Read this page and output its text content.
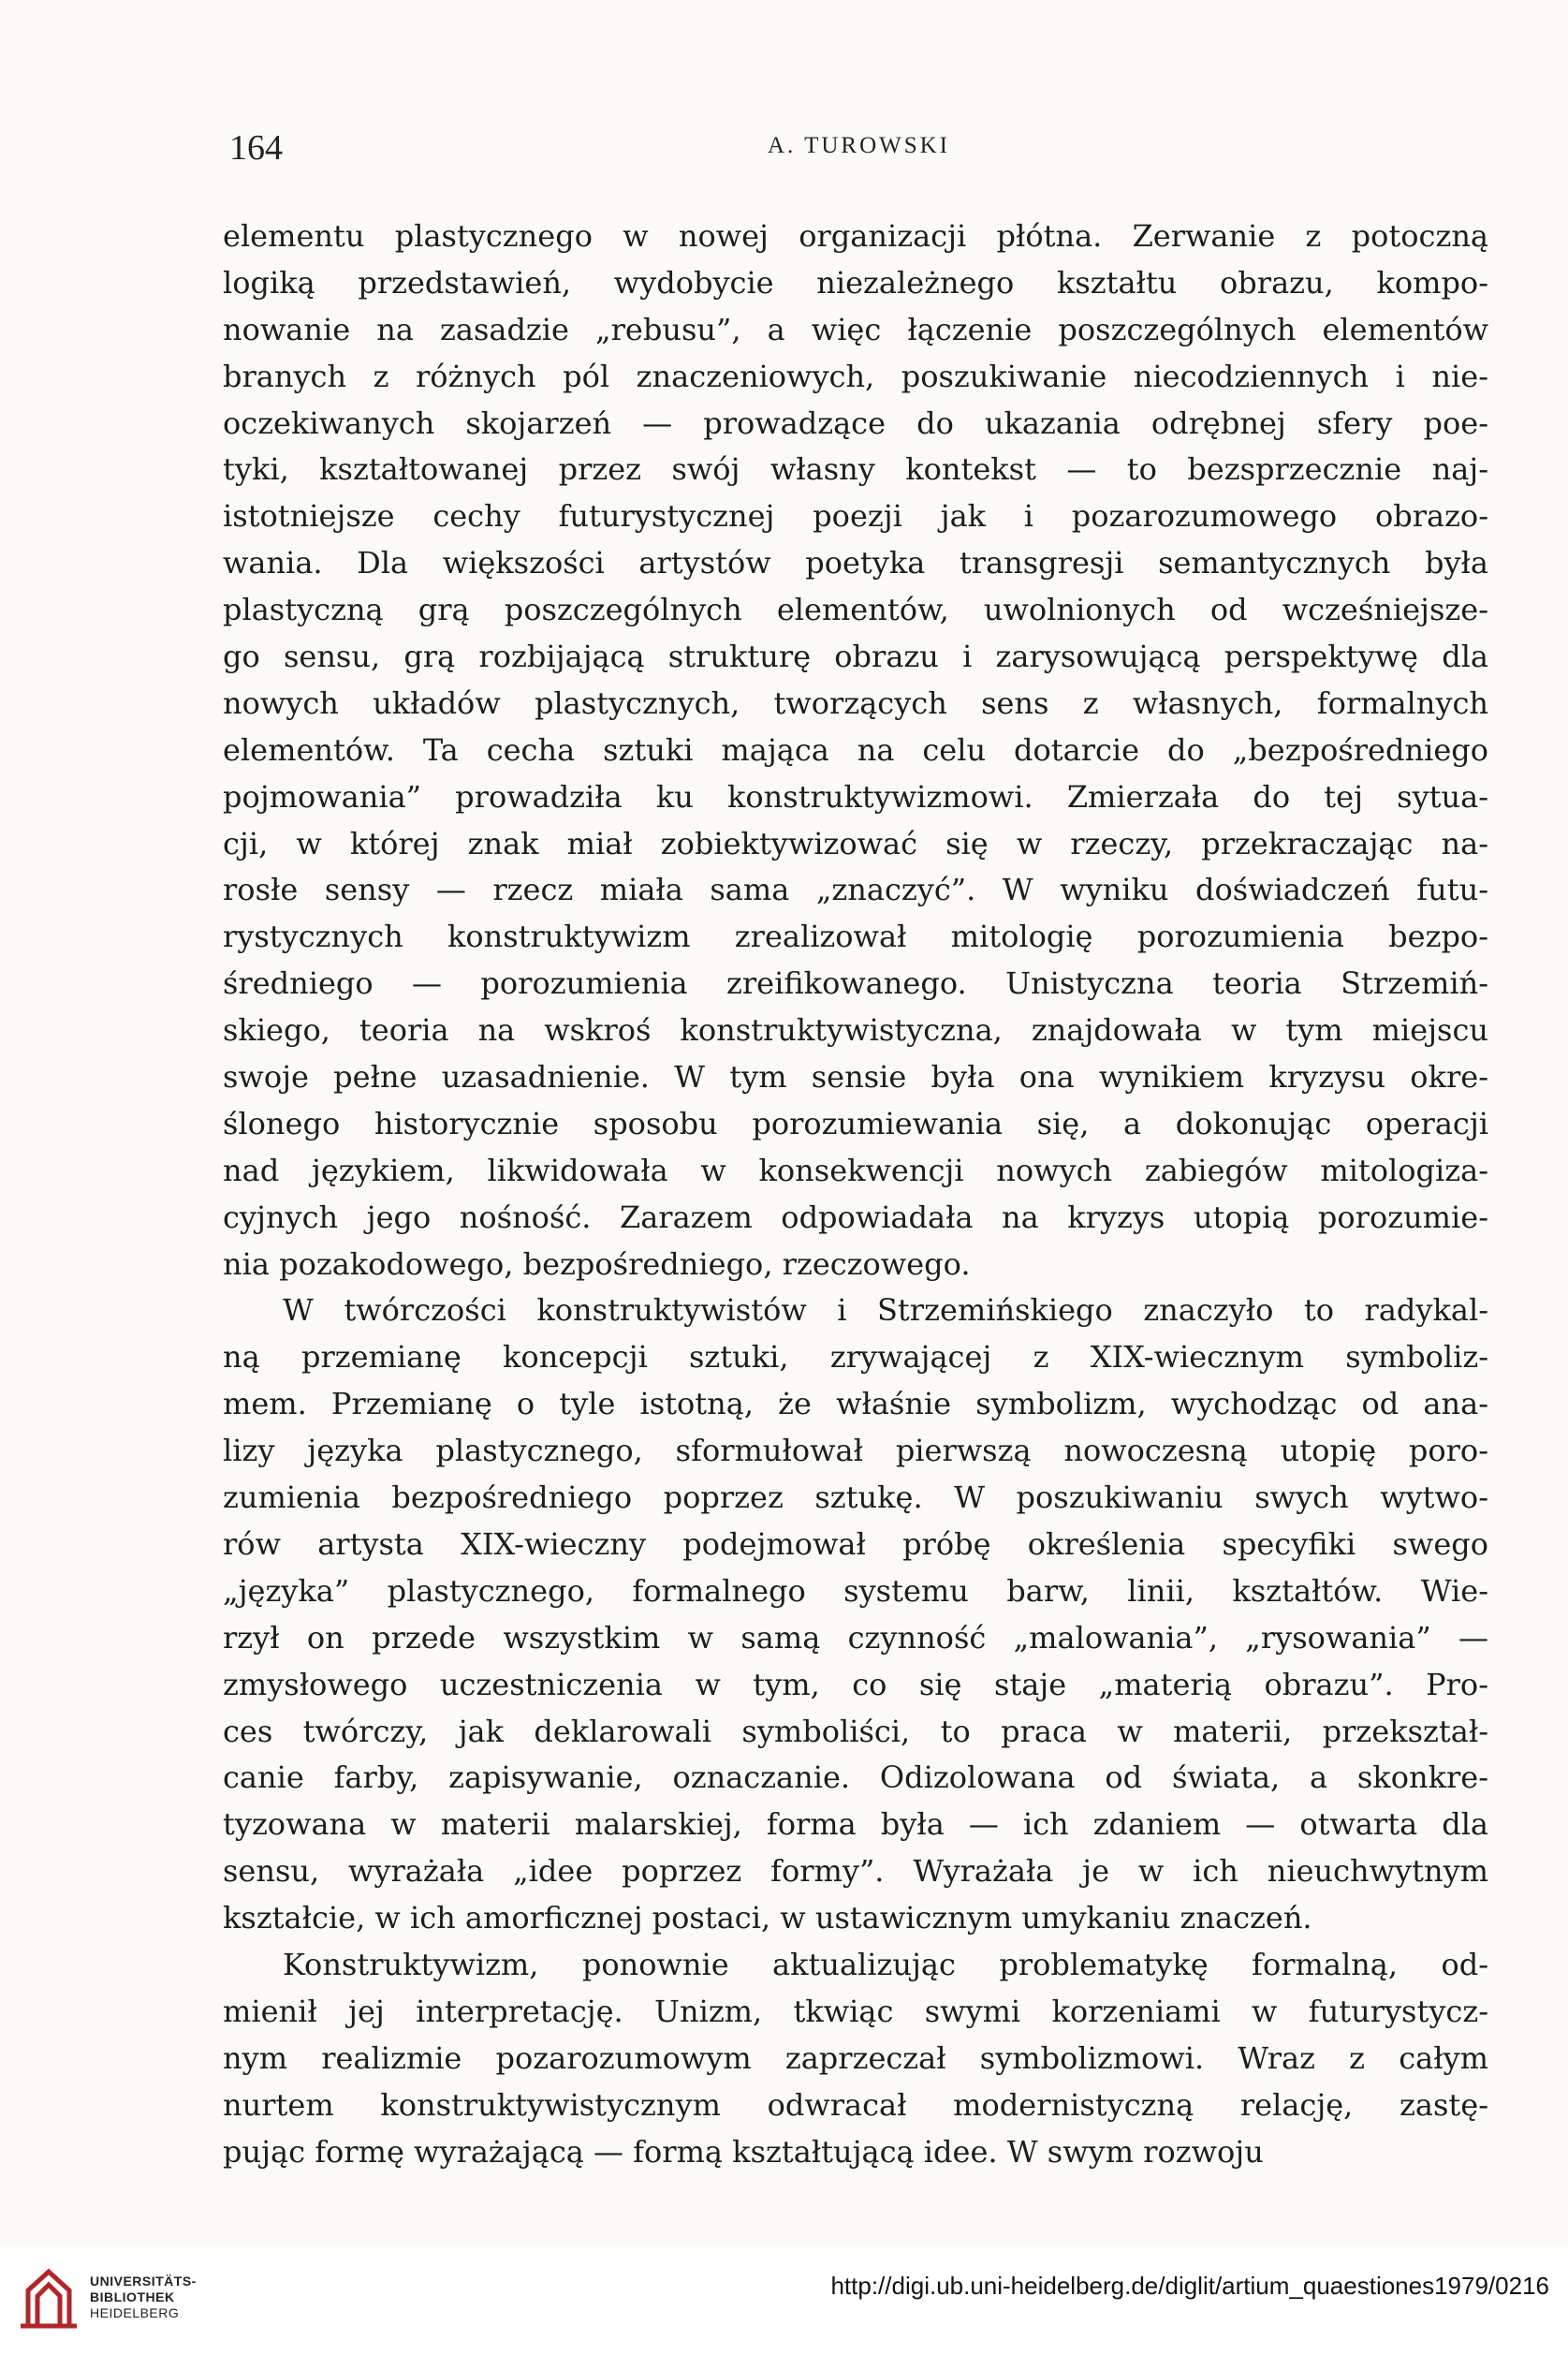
164	A. TUROWSKI
elementu plastycznego w nowej organizacji płótna. Zerwanie z potoczną
logiką przedstawień, wydobycie niezależnego kształtu obrazu, kompo-
nowanie na zasadzie „rebusu”, a więc łączenie poszczególnych elementów
branych z różnych pól znaczeniowych, poszukiwanie niecodziennych i nie-
oczekiwanych skojarzeń — prowadzące do ukazania odrębnej sfery poe-
tyki, kształtowanej przez swój własny kontekst — to bezsprzecznie naj-
istotniejsze cechy futurystycznej poezji jak i pozarozumowego obrazo-
wania. Dla większości artystów poetyka transgresji semantycznych była
plastyczną grą poszczególnych elementów, uwolnionych od wcześniejsze-
go sensu, grą rozbijającą strukturę obrazu i zarysowującą perspektywę dla
nowych układów plastycznych, tworzących sens z własnych, formalnych
elementów. Ta cecha sztuki mająca na celu dotarcie do „bezpośredniego
pojmowania” prowadziła ku konstruktywizmowi. Zmierzała do tej sytua-
cji, w której znak miał zobiektywizować się w rzeczy, przekraczając na-
rosłe sensy — rzecz miała sama „znaczyć”. W wyniku doświadczeń futu-
rystycznych konstruktywizm zrealizował mitologię porozumienia bezpo-
średniego — porozumienia zreifikowanego. Unistyczna teoria Strzemiń-
skiego, teoria na wskroś konstruktywistyczna, znajdowała w tym miejscu
swoje pełne uzasadnienie. W tym sensie była ona wynikiem kryzysu okre-
ślonego historycznie sposobu porozumiewania się, a dokonując operacji
nad językiem, likwidowała w konsekwencji nowych zabiegów mitologiza-
cyjnych jego nośność. Zarazem odpowiadała na kryzys utopią porozumie-
nia pozakodowego, bezpośredniego, rzeczowego.
W twórczości konstruktywistów i Strzemińskiego znaczyło to radykal-
ną przemianę koncepcji sztuki, zrywającej z XIX-wiecznym symboliz-
mem. Przemianę o tyle istotną, że właśnie symbolizm, wychodząc od ana-
lizy języka plastycznego, sformułował pierwszą nowoczesną utopię poro-
zumienia bezpośredniego poprzez sztukę. W poszukiwaniu swych wytwo-
rów artysta XIX-wieczny podejmował próbę określenia specyfiki swego
„języka” plastycznego, formalnego systemu barw, linii, kształtów. Wie-
rzył on przede wszystkim w samą czynność „malowania”, „rysowania” —
zmysłowego uczestniczenia w tym, co się staje „materią obrazu”. Pro-
ces twórczy, jak deklarowali symboliści, to praca w materii, przekształ-
canie farby, zapisywanie, oznaczanie. Odizolowana od świata, a skonkre-
tyzowana w materii malarskiej, forma była — ich zdaniem — otwarta dla
sensu, wyrażała „idee poprzez formy”. Wyrażała je w ich nieuchwytnym
kształcie, w ich amorficznej postaci, w ustawicznym umykaniu znaczeń.
Konstruktywizm, ponownie aktualizując problematykę formalną, od-
mienił jej interpretację. Unizm, tkwiąc swymi korzeniami w futurystycz-
nym realizmie pozarozumowym zaprzeczał symbolizmowi. Wraz z całym
nurtem konstruktywistycznym odwracał modernistyczną relację, zastę-
pując formę wyrażającą — formą kształtującą idee. W swym rozwoju
UNIVERSITÄTS-
BIBLIOTHEK
HEIDELBERG
http://digi.ub.uni-heidelberg.de/diglit/artium_quaestiones1979/0216
